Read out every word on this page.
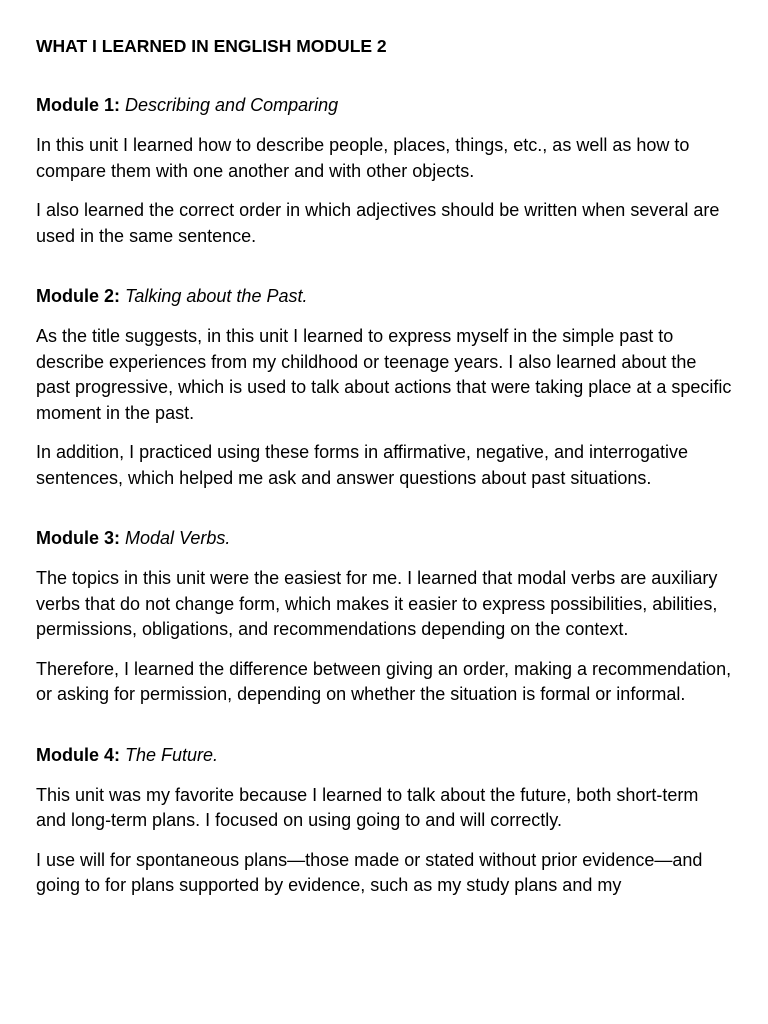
WHAT I LEARNED IN ENGLISH MODULE 2
Module 1: Describing and Comparing

In this unit I learned how to describe people, places, things, etc., as well as how to compare them with one another and with other objects.

I also learned the correct order in which adjectives should be written when several are used in the same sentence.

Module 2: Talking about the Past.

As the title suggests, in this unit I learned to express myself in the simple past to describe experiences from my childhood or teenage years. I also learned about the past progressive, which is used to talk about actions that were taking place at a specific moment in the past.

In addition, I practiced using these forms in affirmative, negative, and interrogative sentences, which helped me ask and answer questions about past situations.

Module 3: Modal Verbs.

The topics in this unit were the easiest for me. I learned that modal verbs are auxiliary verbs that do not change form, which makes it easier to express possibilities, abilities, permissions, obligations, and recommendations depending on the context.

Therefore, I learned the difference between giving an order, making a recommendation, or asking for permission, depending on whether the situation is formal or informal.

Module 4: The Future.

This unit was my favorite because I learned to talk about the future, both short-term and long-term plans. I focused on using going to and will correctly.

I use will for spontaneous plans—those made or stated without prior evidence—and going to for plans supported by evidence, such as my study plans and my
